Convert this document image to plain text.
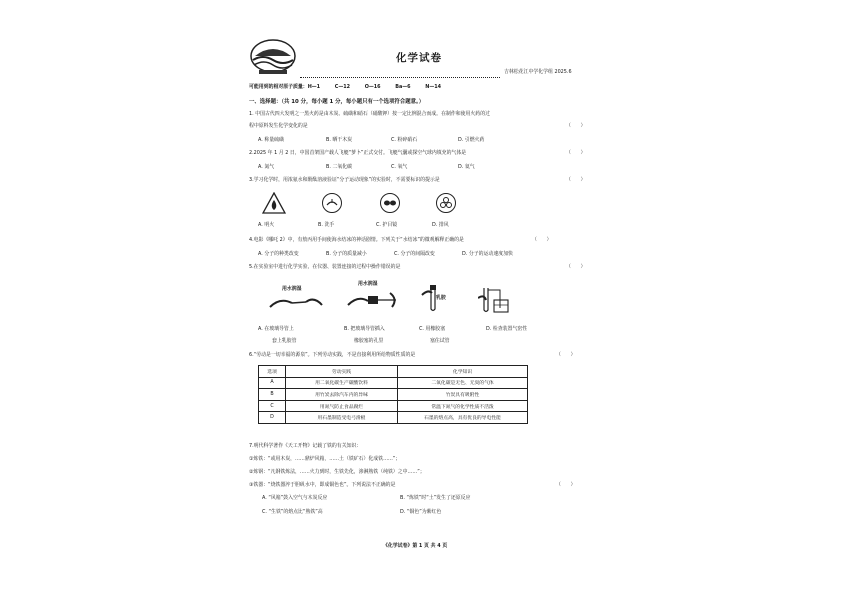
化学试卷
吉林松花江中学化学组 2025.6
可能用到的相对原子质量：H—1　　　C—12　　　O—16　　　Ba—6　　　N—14
一、选择题：（共 10 分，每小题 1 分，每小题只有一个选项符合题意。）
1. 中国古代四大发明之一黑火药是由木炭、硫磺和硝石（硝酸钾）按一定比例混合而成。在制作和使用火药的过
程中原料发生化学变化的是	（　　）
A. 称量硫磺	B. 晒干木炭	C. 粉碎硝石	D. 引燃火药
2.2025 年 1 月 2 日，中国首架国产载人飞艇“萝卜”正式交付。飞艇气囊或探空气球内填充的气体是	（　　）
A. 氮气	B. 二氧化碳	C. 氧气	D. 氦气
3.学习化学时，用浓氨水和酚酞溶液验证“分子运动现象”的实验时，不需要标识的提示是	（　　）
A. 明火	B. 洗手	C. 护目镜	D. 排风
4.电影《哪吒 2》中，有敖丙用手间使海水结冰的神话剧情。下列关于“水结冰”的微观解释正确的是	（　　）
A. 分子的种类改变	B. 分子的质量减小	C. 分子的间隔改变	D. 分子的运动速度加快
5.在实验室中进行化学实验，在仪器、装置连接的过程中操作错误的是	（　　）
用水润湿
用水润湿
乳胶
A. 在玻璃导管上	B. 把玻璃导管插入	C. 用橡胶塞	D. 检查装置气密性
套上乳胶管	橡胶塞的孔里	塞住试管
6.“劳动是一切幸福的源泉”。下列劳动实践，不是直接利用所给物质性质的是	（　　）
选项	劳动实践	化学知识
A	用二氧化碳生产碳酸饮料	二氧化碳是无色、无臭的气体
B	用竹炭去除汽车内的异味	竹炭具有吸附性
C	用氮气防止食品腐烂	常温下氮气的化学性质不活泼
D	用石墨制造受电弓滑板	石墨的熔点高，具有优良的导电性能
7.明代科学著作《天工开物》记载了铁的有关知识：
①炼铁：“或用木炭，……鼎炉风箱，……土（铁矿石）化成铁……”；
②炼钢：“凡钢铁炼法，……火力到时，生铁先化，渗淋熟铁（纯铁）之中……”；
③铁器：“烧铁器淬于胆矾水中，即成铜色也”。下列说法不正确的是	（　　）
A. “风箱”鼓入空气与木炭反应	B. “炼铁”时“土”发生了还原反应
C. “生铁”的熔点比“熟铁”高	D. “铜色”为紫红色
《化学试卷》第 1 页 共 4 页
